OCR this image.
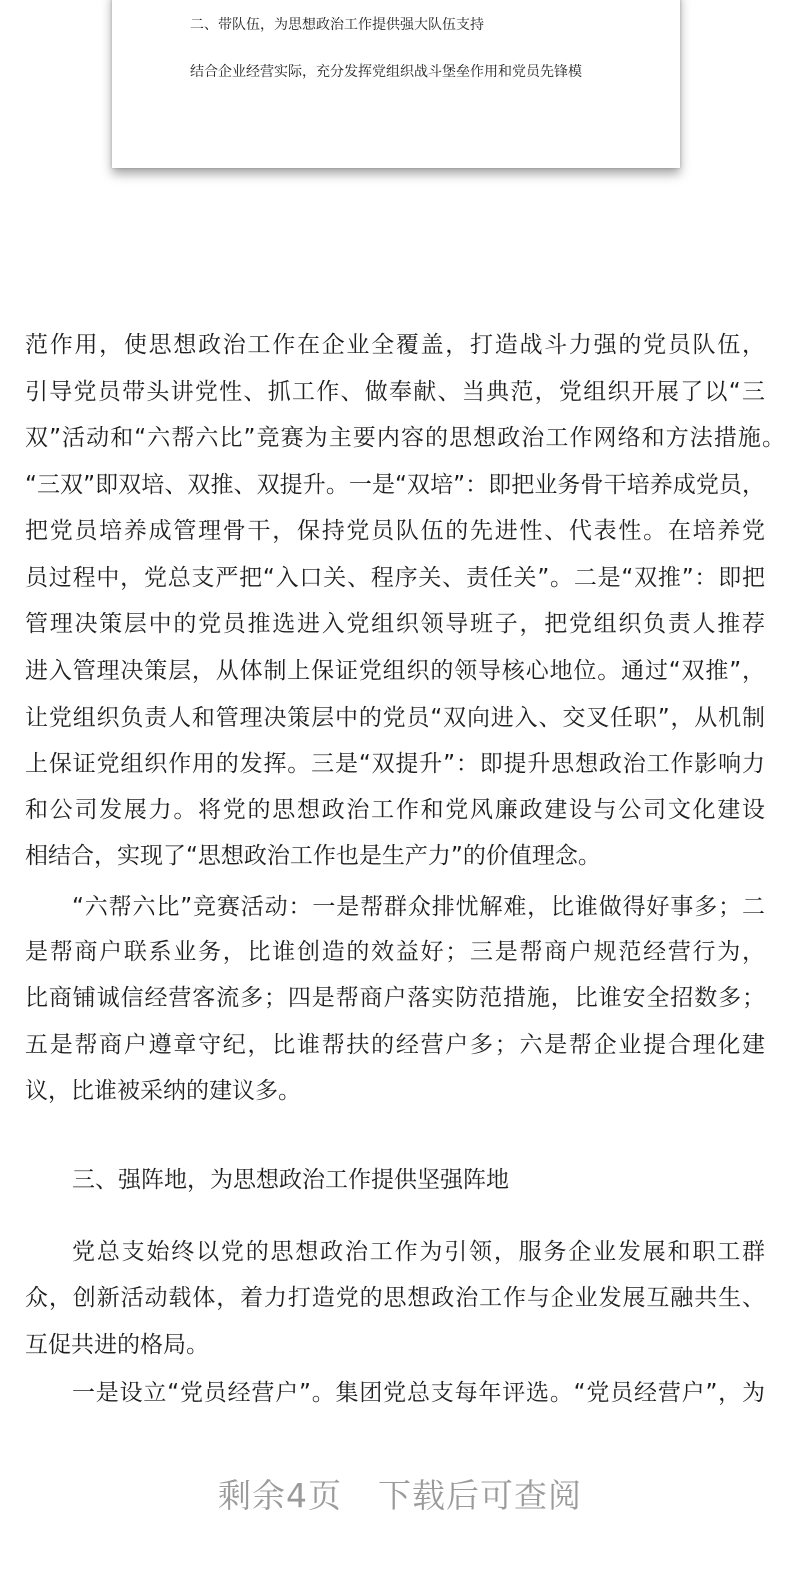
二、带队伍，为思想政治工作提供强大队伍支持
结合企业经营实际，充分发挥党组织战斗堡垒作用和党员先锋模
范作用，使思想政治工作在企业全覆盖，打造战斗力强的党员队伍，
引导党员带头讲党性、抓工作、做奉献、当典范，党组织开展了以“三
双”活动和“六帮六比”竞赛为主要内容的思想政治工作网络和方法措施。
“三双”即双培、双推、双提升。一是“双培”：即把业务骨干培养成党员，
把党员培养成管理骨干，保持党员队伍的先进性、代表性。在培养党
员过程中，党总支严把“入口关、程序关、责任关”。二是“双推”：即把
管理决策层中的党员推选进入党组织领导班子，把党组织负责人推荐
进入管理决策层，从体制上保证党组织的领导核心地位。通过“双推”，
让党组织负责人和管理决策层中的党员“双向进入、交叉任职”，从机制
上保证党组织作用的发挥。三是“双提升”：即提升思想政治工作影响力
和公司发展力。将党的思想政治工作和党风廉政建设与公司文化建设
相结合，实现了“思想政治工作也是生产力”的价值理念。
“六帮六比”竞赛活动：一是帮群众排忧解难，比谁做得好事多；二
是帮商户联系业务，比谁创造的效益好；三是帮商户规范经营行为，
比商铺诚信经营客流多；四是帮商户落实防范措施，比谁安全招数多；
五是帮商户遵章守纪，比谁帮扶的经营户多；六是帮企业提合理化建
议，比谁被采纳的建议多。
三、强阵地，为思想政治工作提供坚强阵地
党总支始终以党的思想政治工作为引领，服务企业发展和职工群
众，创新活动载体，着力打造党的思想政治工作与企业发展互融共生、
互促共进的格局。
一是设立“党员经营户”。集团党总支每年评选。“党员经营户”，为
剩余4页 下载后可查阅
